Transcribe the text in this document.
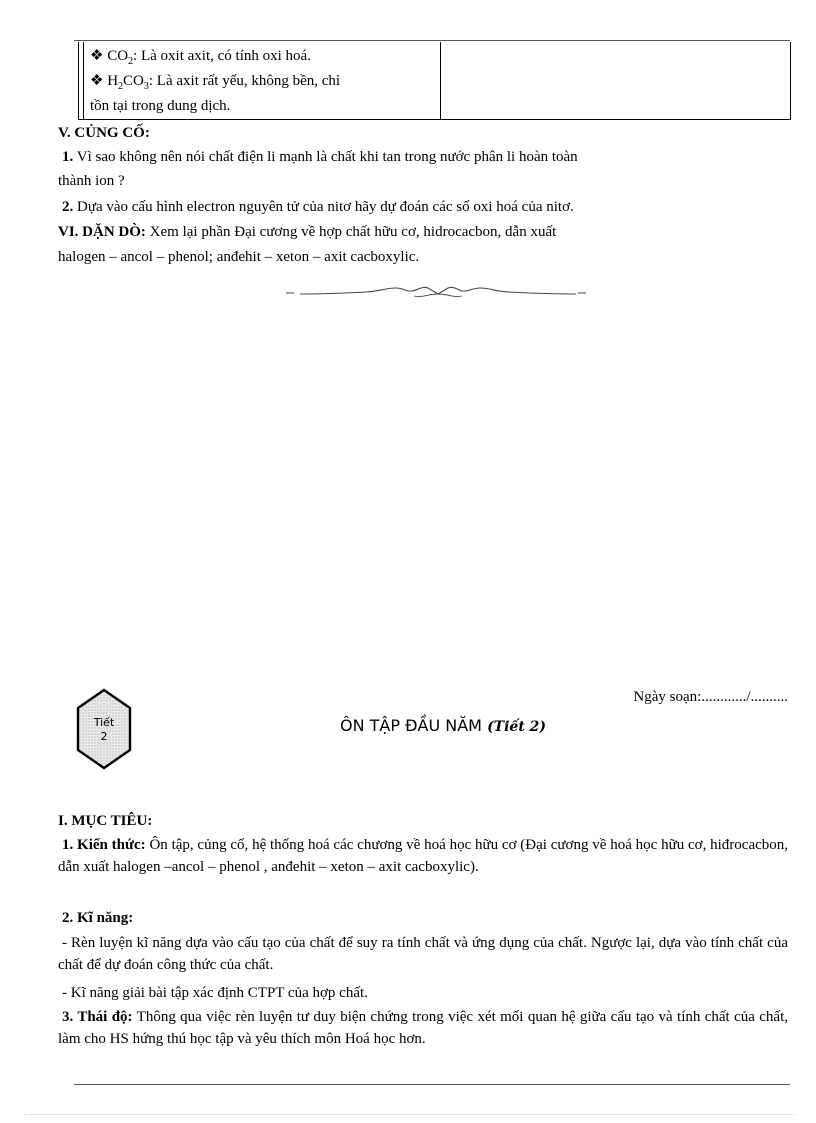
❖ $CO_2$: Là oxit axit, có tính oxi hoá.
❖ $H_2CO_3$: Là axit rất yếu, không bền, chỉ
tồn tại trong dung dịch.
V. CỦNG CỐ:
1. Vì sao không nên nói chất điện li mạnh là chất khi tan trong nước phân li hoàn toàn
thành ion ?
2. Dựa vào cấu hình electron nguyên tử của nitơ hãy dự đoán các số oxi hoá của nitơ.
VI. DẶN DÒ: Xem lại phần Đại cương về hợp chất hữu cơ, hidrocacbon, dẫn xuất
halogen – ancol – phenol; anđehit – xeton – axit cacboxylic.
Ngày soạn:............/..........
Tiết
2
ÔN TẬP ĐẦU NĂM (Tiết 2)
I. MỤC TIÊU:
1. Kiến thức: Ôn tập, củng cố, hệ thống hoá các chương về hoá học hữu cơ (Đại cương về hoá học hữu cơ, hiđrocacbon, dẫn xuất halogen –ancol – phenol , anđehit – xeton – axit cacboxylic).
2. Kĩ năng:
- Rèn luyện kĩ năng dựa vào cấu tạo của chất để suy ra tính chất và ứng dụng của chất. Ngược lại, dựa vào tính chất của chất để dự đoán công thức của chất.
- Kĩ năng giải bài tập xác định CTPT của hợp chất.
3. Thái độ: Thông qua việc rèn luyện tư duy biện chứng trong việc xét mối quan hệ giữa cấu tạo và tính chất của chất, làm cho HS hứng thú học tập và yêu thích môn Hoá học hơn.
